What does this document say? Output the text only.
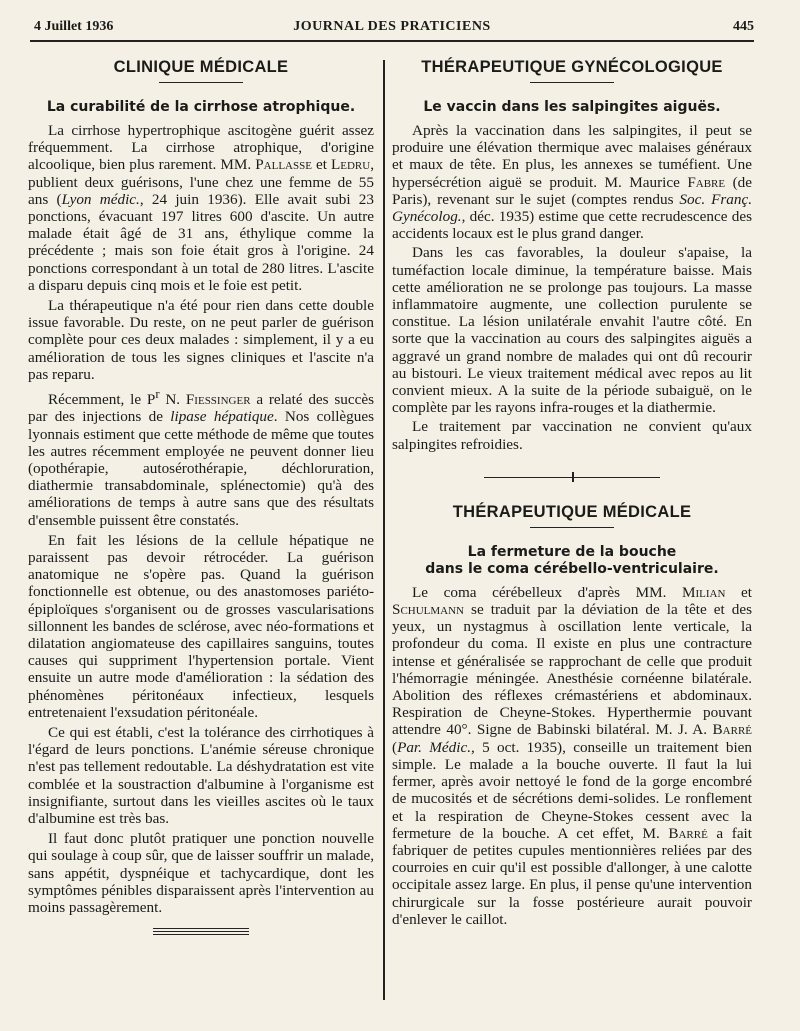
4 Juillet 1936	JOURNAL DES PRATICIENS	445
CLINIQUE MÉDICALE
La curabilité de la cirrhose atrophique.

La cirrhose hypertrophique ascitogène guérit assez fréquemment. La cirrhose atrophique, d'origine alcoolique, bien plus rarement. MM. Pallasse et Ledru, publient deux guérisons, l'une chez une femme de 55 ans (Lyon médic., 24 juin 1936). Elle avait subi 23 ponctions, évacuant 197 litres 600 d'ascite. Un autre malade était âgé de 31 ans, éthylique comme la précédente ; mais son foie était gros à l'origine. 24 ponctions correspondant à un total de 280 litres. L'ascite a disparu depuis cinq mois et le foie est petit.

La thérapeutique n'a été pour rien dans cette double issue favorable. Du reste, on ne peut parler de guérison complète pour ces deux malades : simplement, il y a eu amélioration de tous les signes cliniques et l'ascite n'a pas reparu.

Récemment, le $P^r$ N. Fiessinger a relaté des succès par des injections de lipase hépatique. Nos collègues lyonnais estiment que cette méthode de même que toutes les autres récemment employée ne peuvent donner lieu (opothérapie, autosérothérapie, déchloruration, diathermie transabdominale, splénectomie) qu'à des améliorations de temps à autre sans que des résultats d'ensemble puissent être constatés.

En fait les lésions de la cellule hépatique ne paraissent pas devoir rétrocéder. La guérison anatomique ne s'opère pas. Quand la guérison fonctionnelle est obtenue, ou des anastomoses pariéto-épiploïques s'organisent ou de grosses vascularisations sillonnent les bandes de sclérose, avec néo-formations et dilatation angiomateuse des capillaires sanguins, toutes causes qui suppriment l'hypertension portale. Vient ensuite un autre mode d'amélioration : la sédation des phénomènes péritonéaux infectieux, lesquels entretenaient l'exsudation péritonéale.

Ce qui est établi, c'est la tolérance des cirrhotiques à l'égard de leurs ponctions. L'anémie séreuse chronique n'est pas tellement redoutable. La déshydratation est vite comblée et la soustraction d'albumine à l'organisme est insignifiante, surtout dans les vieilles ascites où le taux d'albumine est très bas.

Il faut donc plutôt pratiquer une ponction nouvelle qui soulage à coup sûr, que de laisser souffrir un malade, sans appétit, dyspnéique et tachycardique, dont les symptômes pénibles disparaissent après l'intervention au moins passagèrement.

THÉRAPEUTIQUE GYNÉCOLOGIQUE
Le vaccin dans les salpingites aiguës.

Après la vaccination dans les salpingites, il peut se produire une élévation thermique avec malaises généraux et maux de tête. En plus, les annexes se tuméfient. Une hypersécrétion aiguë se produit. M. Maurice Fabre (de Paris), revenant sur le sujet (comptes rendus Soc. Franç. Gynécolog., déc. 1935) estime que cette recrudescence des accidents locaux est le plus grand danger.

Dans les cas favorables, la douleur s'apaise, la tuméfaction locale diminue, la température baisse. Mais cette amélioration ne se prolonge pas toujours. La masse inflammatoire augmente, une collection purulente se constitue. La lésion unilatérale envahit l'autre côté. En sorte que la vaccination au cours des salpingites aiguës a aggravé un grand nombre de malades qui ont dû recourir au bistouri. Le vieux traitement médical avec repos au lit convient mieux. A la suite de la période subaiguë, on le complète par les rayons infra-rouges et la diathermie.

Le traitement par vaccination ne convient qu'aux salpingites refroidies.

THÉRAPEUTIQUE MÉDICALE
La fermeture de la bouche
dans le coma cérébello-ventriculaire.

Le coma cérébelleux d'après MM. Milian et Schulmann se traduit par la déviation de la tête et des yeux, un nystagmus à oscillation lente verticale, la profondeur du coma. Il existe en plus une contracture intense et généralisée se rapprochant de celle que produit l'hémorragie méningée. Anesthésie cornéenne bilatérale. Abolition des réflexes crémastériens et abdominaux. Respiration de Cheyne-Stokes. Hyperthermie pouvant attendre 40°. Signe de Babinski bilatéral. M. J. A. Barré (Par. Médic., 5 oct. 1935), conseille un traitement bien simple. Le malade a la bouche ouverte. Il faut la lui fermer, après avoir nettoyé le fond de la gorge encombré de mucosités et de sécrétions demi-solides. Le ronflement et la respiration de Cheyne-Stokes cessent avec la fermeture de la bouche. A cet effet, M. Barré a fait fabriquer de petites cupules mentionnières reliées par des courroies en cuir qu'il est possible d'allonger, à une calotte occipitale assez large. En plus, il pense qu'une intervention chirurgicale sur la fosse postérieure aurait pouvoir d'enlever le caillot.
